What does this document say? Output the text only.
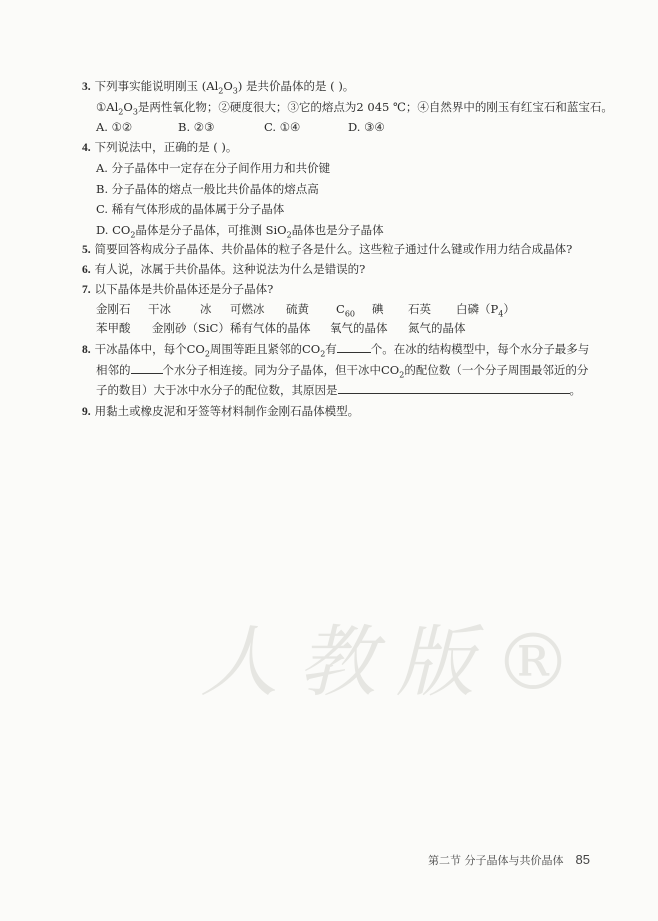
3. 下列事实能说明刚玉 $(Al_2O_3)$ 是共价晶体的是 ( )。
$①Al_2O_3$是两性氧化物；②硬度很大；③它的熔点为2 045 ℃；④自然界中的刚玉有红宝石和蓝宝石。
A. ①②	B. ②③	C. ①④	D. ③④
4. 下列说法中，正确的是 ( )。
A. 分子晶体中一定存在分子间作用力和共价键
B. 分子晶体的熔点一般比共价晶体的熔点高
C. 稀有气体形成的晶体属于分子晶体
D. $CO_2$晶体是分子晶体，可推测 SiO$_2$晶体也是分子晶体
5. 简要回答构成分子晶体、共价晶体的粒子各是什么。这些粒子通过什么键或作用力结合成晶体?
6. 有人说，冰属于共价晶体。这种说法为什么是错误的?
7. 以下晶体是共价晶体还是分子晶体?
金刚石 干冰	冰 可燃冰 硫黄 $C_{60}$ 碘 石英 白磷$(P_4)$
苯甲酸 金刚砂（SiC）稀有气体的晶体 氧气的晶体 氮气的晶体
8. 干冰晶体中，每个$CO_2$周围等距且紧邻的$CO_2$有	个。在冰的结构模型中，每个水分子最多与
相邻的	个水分子相连接。同为分子晶体，但干冰中$CO_2$的配位数（一个分子周围最邻近的分
子的数目）大于冰中水分子的配位数，其原因是	。
9. 用黏土或橡皮泥和牙签等材料制作金刚石晶体模型。
人教版®
第二节 分子晶体与共价晶体 85
